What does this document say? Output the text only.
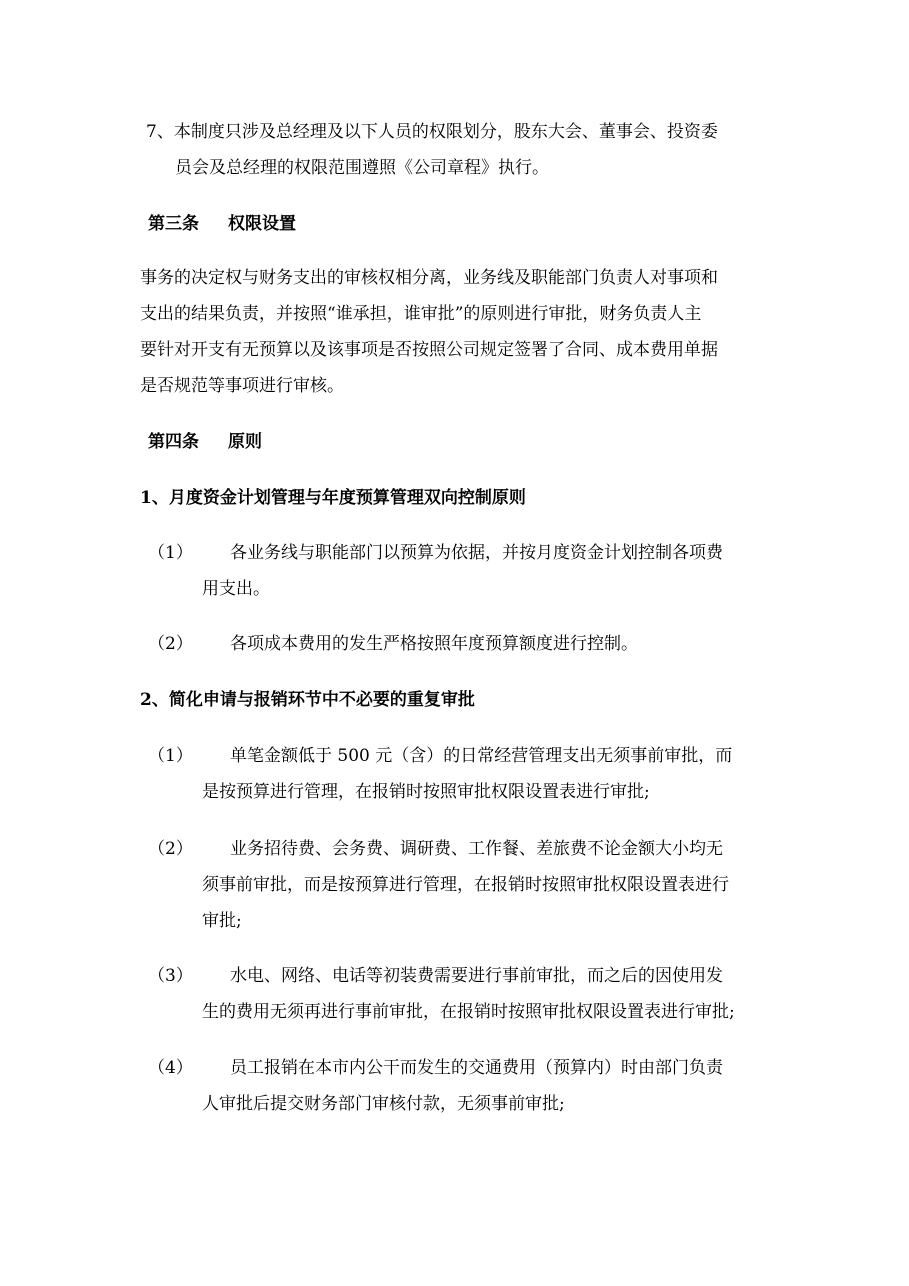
7、本制度只涉及总经理及以下人员的权限划分，股东大会、董事会、投资委
员会及总经理的权限范围遵照《公司章程》执行。
第三条 权限设置
事务的决定权与财务支出的审核权相分离，业务线及职能部门负责人对事项和
支出的结果负责，并按照“谁承担，谁审批”的原则进行审批，财务负责人主
要针对开支有无预算以及该事项是否按照公司规定签署了合同、成本费用单据
是否规范等事项进行审核。
第四条 原则
1、月度资金计划管理与年度预算管理双向控制原则
（1） 各业务线与职能部门以预算为依据，并按月度资金计划控制各项费
用支出。
（2） 各项成本费用的发生严格按照年度预算额度进行控制。
2、简化申请与报销环节中不必要的重复审批
（1） 单笔金额低于 500 元（含）的日常经营管理支出无须事前审批，而
是按预算进行管理，在报销时按照审批权限设置表进行审批;
（2） 业务招待费、会务费、调研费、工作餐、差旅费不论金额大小均无
须事前审批，而是按预算进行管理，在报销时按照审批权限设置表进行
审批;
（3） 水电、网络、电话等初装费需要进行事前审批，而之后的因使用发
生的费用无须再进行事前审批，在报销时按照审批权限设置表进行审批;
（4） 员工报销在本市内公干而发生的交通费用（预算内）时由部门负责
人审批后提交财务部门审核付款，无须事前审批;
